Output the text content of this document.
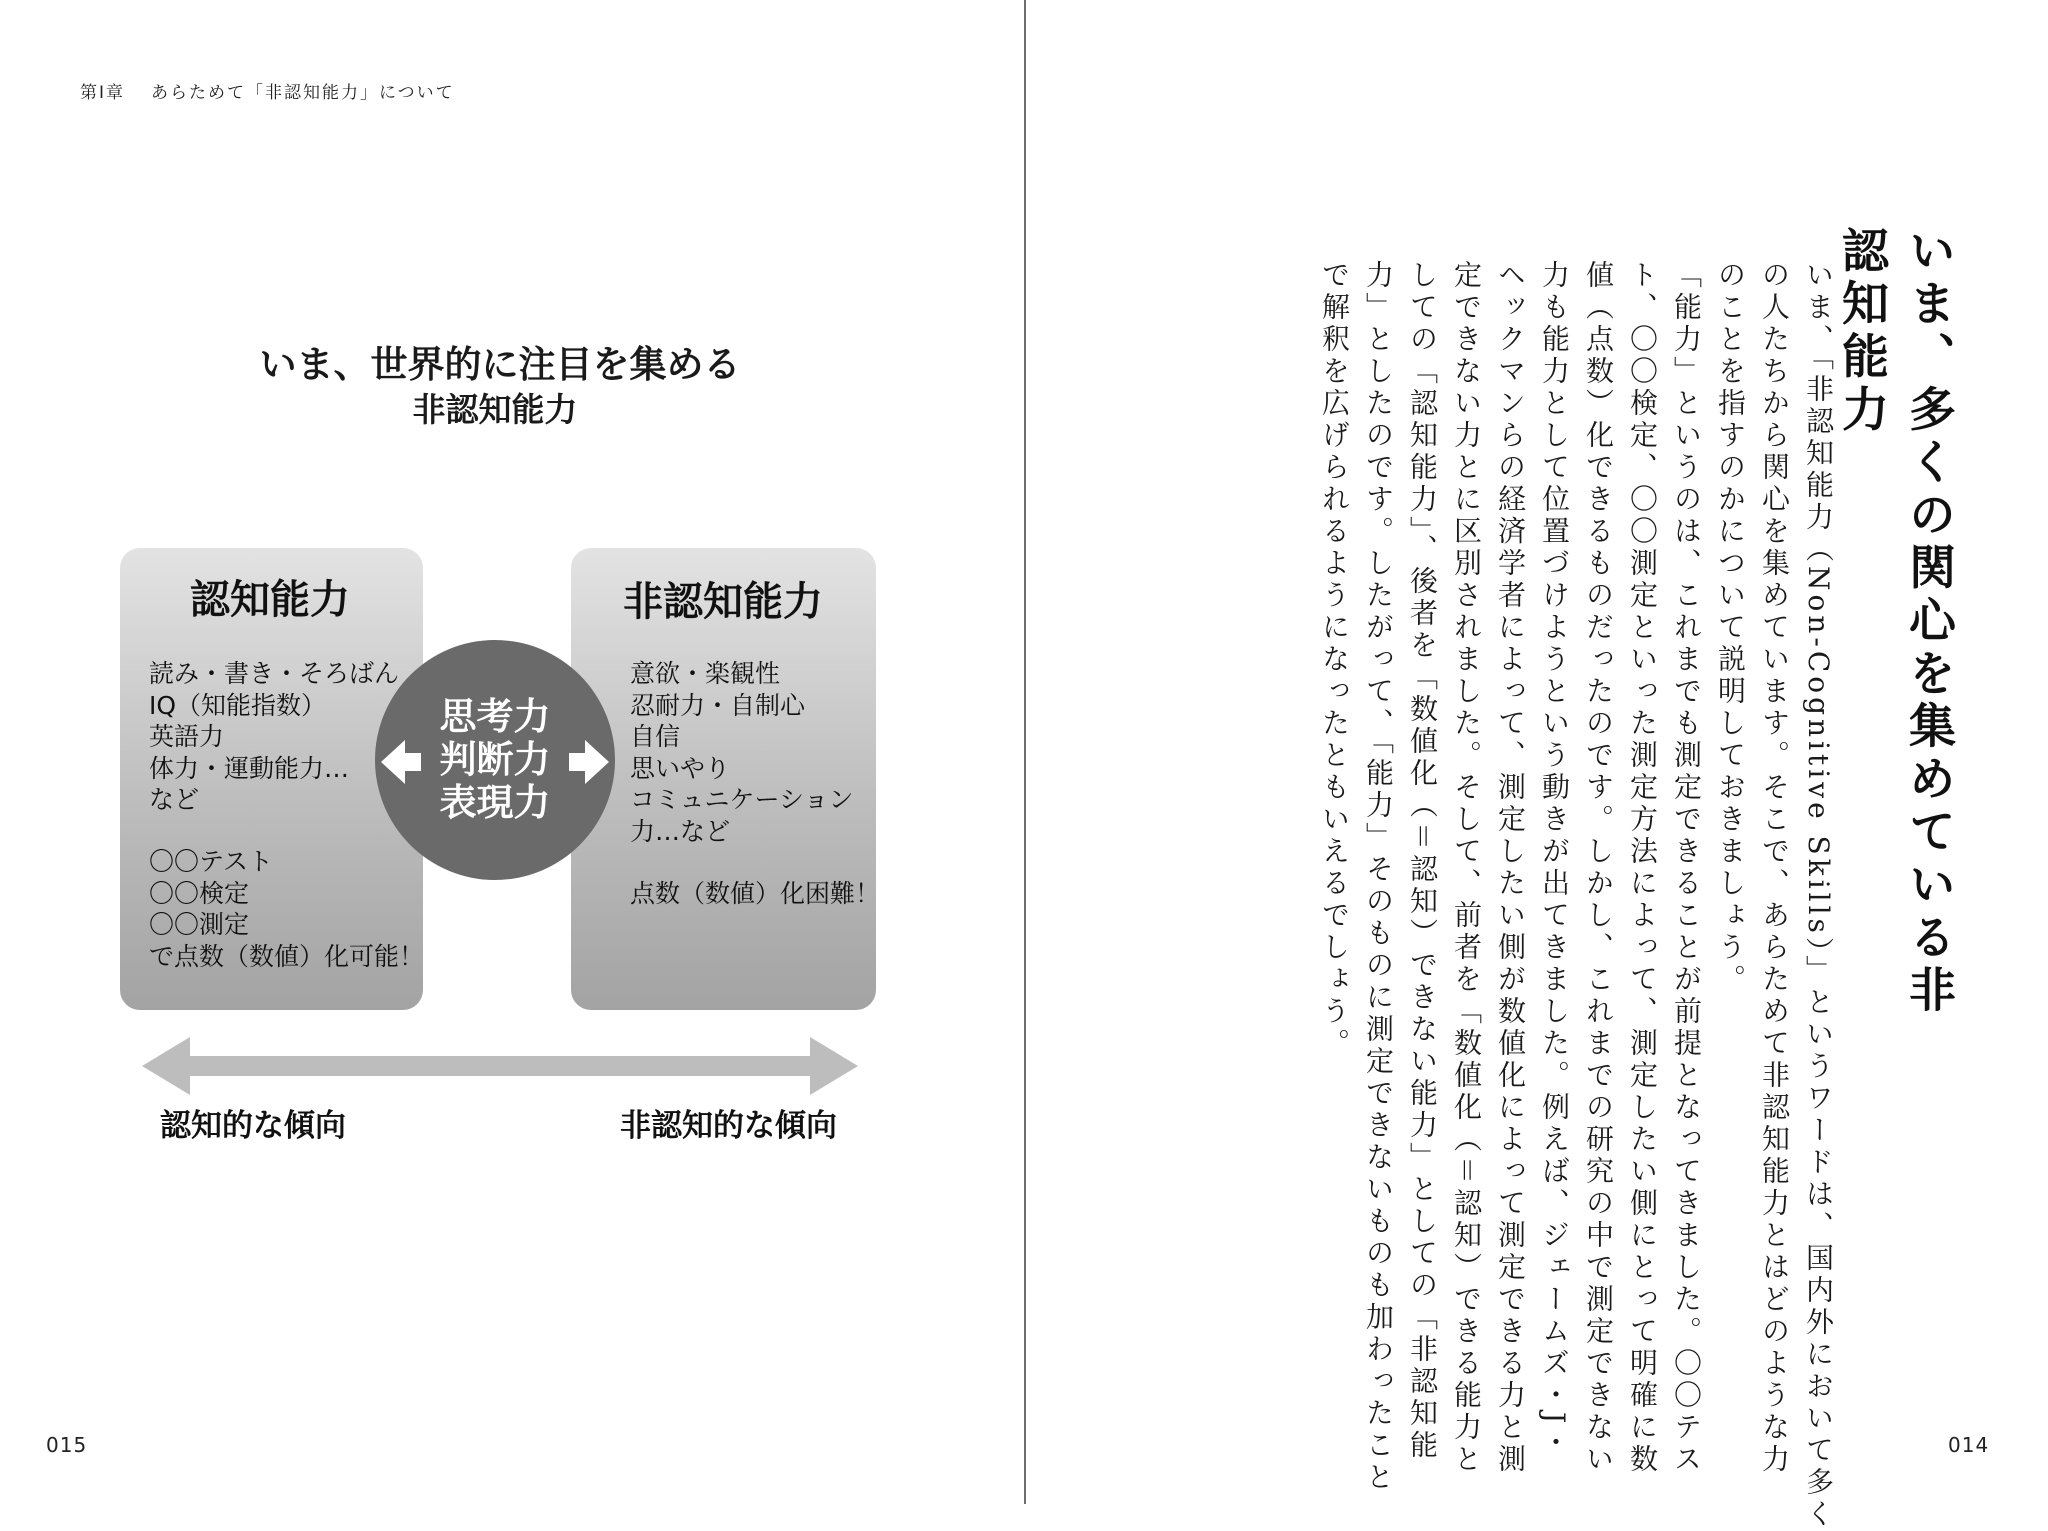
第Ⅰ章 あらためて「非認知能力」について
いま、世界的に注目を集める
非認知能力
認知能力
読み・書き・そろばん
IQ（知能指数）
英語力
体力・運動能力…
など
〇〇テスト
〇〇検定
〇〇測定
で点数（数値）化可能！
非認知能力
意欲・楽観性
忍耐力・自制心
自信
思いやり
コミュニケーション
力…など
点数（数値）化困難！
思考力
判断力
表現力
認知的な傾向	非認知的な傾向
015
いま、多くの関心を集めている非認知能力
いま、「非認知能力（Non-Cognitive Skills）」というワードは、国内外において多く
の人たちから関心を集めています。そこで、あらためて非認知能力とはどのような力
のことを指すのかについて説明しておきましょう。
「能力」というのは、これまでも測定できることが前提となってきました。〇〇テス
ト、〇〇検定、〇〇測定といった測定方法によって、測定したい側にとって明確に数
値（点数）化できるものだったのです。しかし、これまでの研究の中で測定できない
力も能力として位置づけようという動きが出てきました。例えば、ジェームズ・J・
ヘックマンらの経済学者によって、測定したい側が数値化によって測定できる力と測
定できない力とに区別されました。そして、前者を「数値化（＝認知）できる能力と
しての「認知能力」、後者を「数値化（＝認知）できない能力」としての「非認知能
力」としたのです。したがって、「能力」そのものに測定できないものも加わったこと
で解釈を広げられるようになったともいえるでしょう。
014
